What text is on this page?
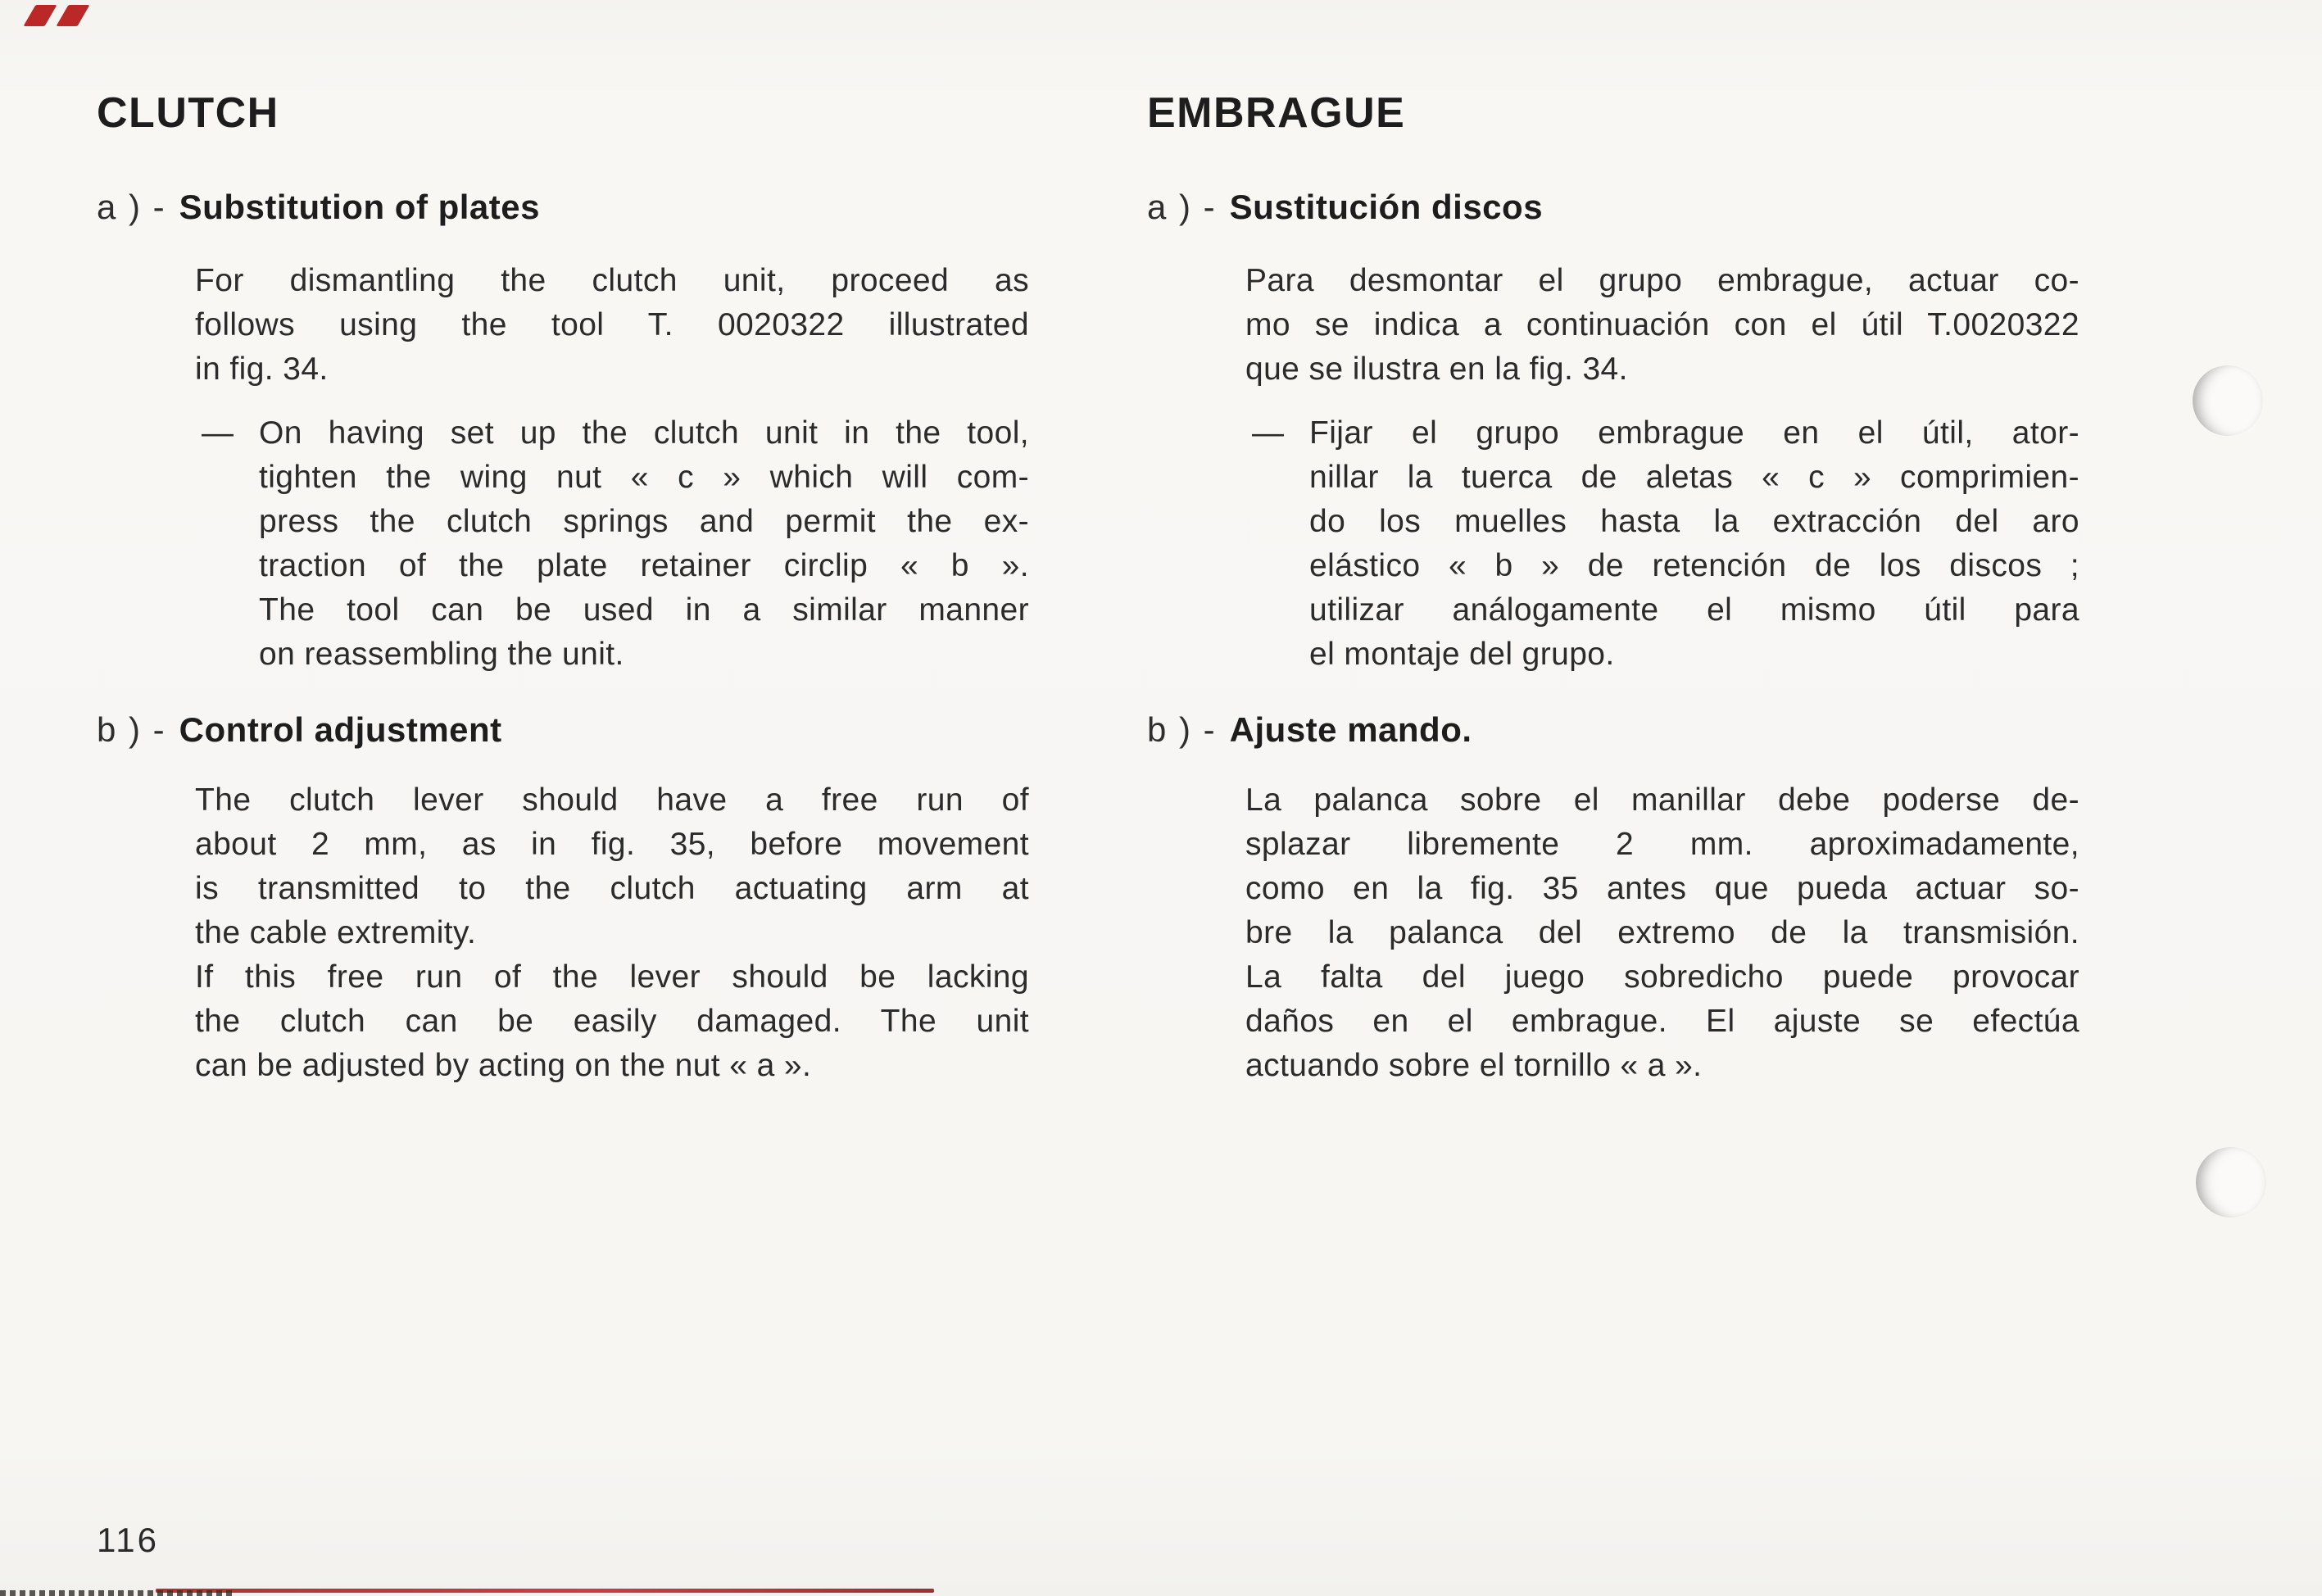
CLUTCH
a ) - Substitution of plates
For dismantling the clutch unit, proceed as
follows using the tool T. 0020322 illustrated
in fig. 34.
— On having set up the clutch unit in the tool,
tighten the wing nut « c » which will com-
press the clutch springs and permit the ex-
traction of the plate retainer circlip « b ».
The tool can be used in a similar manner
on reassembling the unit.
b ) - Control adjustment
The clutch lever should have a free run of
about 2 mm, as in fig. 35, before movement
is transmitted to the clutch actuating arm at
the cable extremity.
If this free run of the lever should be lacking
the clutch can be easily damaged. The unit
can be adjusted by acting on the nut « a ».
EMBRAGUE
a ) - Sustitución discos
Para desmontar el grupo embrague, actuar co-
mo se indica a continuación con el útil T.0020322
que se ilustra en la fig. 34.
— Fijar el grupo embrague en el útil, ator-
nillar la tuerca de aletas « c » comprimien-
do los muelles hasta la extracción del aro
elástico « b » de retención de los discos ;
utilizar análogamente el mismo útil para
el montaje del grupo.
b ) - Ajuste mando.
La palanca sobre el manillar debe poderse de-
splazar libremente 2 mm. aproximadamente,
como en la fig. 35 antes que pueda actuar so-
bre la palanca del extremo de la transmisión.
La falta del juego sobredicho puede provocar
daños en el embrague. El ajuste se efectúa
actuando sobre el tornillo « a ».
116
